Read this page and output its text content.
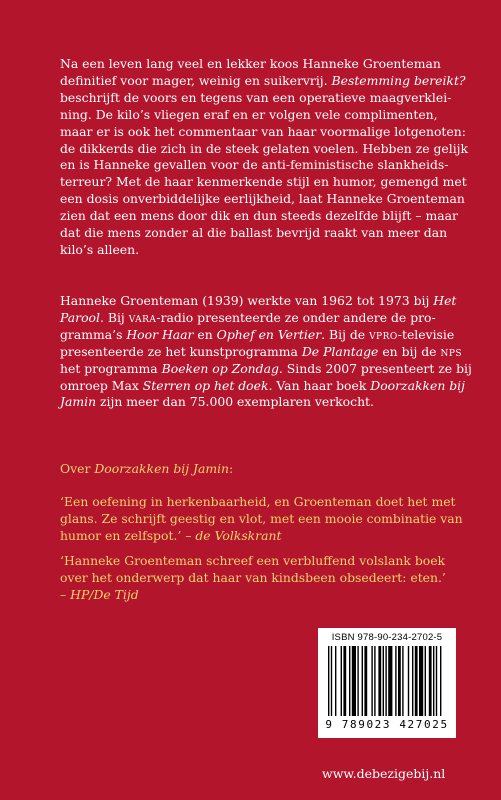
Na een leven lang veel en lekker koos Hanneke Groenteman
definitief voor mager, weinig en suikervrij. Bestemming bereikt?
beschrijft de voors en tegens van een operatieve maagverklei-
ning. De kilo’s vliegen eraf en er volgen vele complimenten,
maar er is ook het commentaar van haar voormalige lotgenoten:
de dikkerds die zich in de steek gelaten voelen. Hebben ze gelijk
en is Hanneke gevallen voor de anti-feministische slankheids-
terreur? Met de haar kenmerkende stijl en humor, gemengd met
een dosis onverbiddelijke eerlijkheid, laat Hanneke Groenteman
zien dat een mens door dik en dun steeds dezelfde blijft – maar
dat die mens zonder al die ballast bevrijd raakt van meer dan
kilo’s alleen.
Hanneke Groenteman (1939) werkte van 1962 tot 1973 bij Het
Parool. Bij vara-radio presenteerde ze onder andere de pro-
gramma’s Hoor Haar en Ophef en Vertier. Bij de vpro-televisie
presenteerde ze het kunstprogramma De Plantage en bij de nps
het programma Boeken op Zondag. Sinds 2007 presenteert ze bij
omroep Max Sterren op het doek. Van haar boek Doorzakken bij
Jamin zijn meer dan 75.000 exemplaren verkocht.
Over Doorzakken bij Jamin:
‘Een oefening in herkenbaarheid, en Groenteman doet het met
glans. Ze schrijft geestig en vlot, met een mooie combinatie van
humor en zelfspot.’ – de Volkskrant
‘Hanneke Groenteman schreef een verbluffend volslank boek
over het onderwerp dat haar van kindsbeen obsedeert: eten.’
– HP/De Tijd
ISBN 978-90-234-2702-5
9 789023 427025
www.debezigebij.nl
